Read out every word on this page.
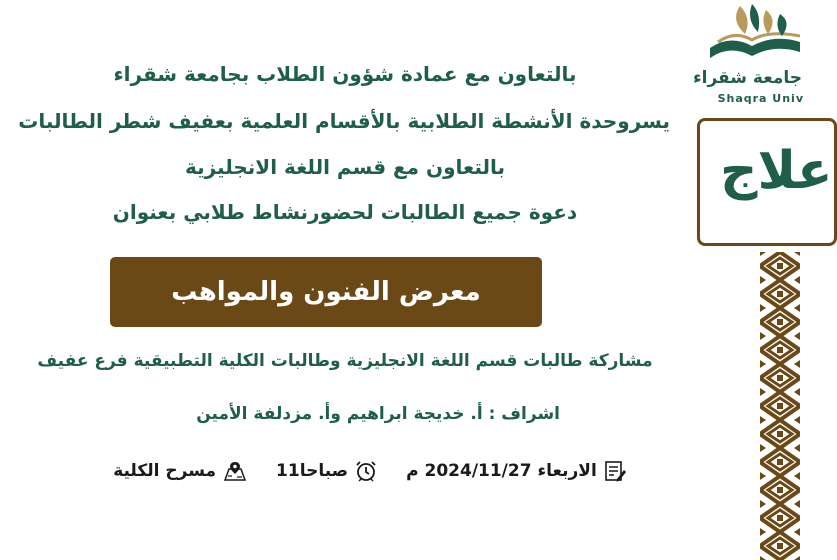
بالتعاون مع عمادة شؤون الطلاب بجامعة شقراء
يسروحدة الأنشطة الطلابية بالأقسام العلمية بعفيف شطر الطالبات
بالتعاون مع قسم اللغة الانجليزية
دعوة جميع الطالبات لحضورنشاط طلابي بعنوان
معرض الفنون والمواهب
مشاركة طالبات قسم اللغة الانجليزية وطالبات الكلية التطبيقية فرع عفيف
اشراف : أ. خديجة ابراهيم وأ. مزدلفة الأمين
مسرح الكلية	11صباحا	الاربعاء 2024/11/27 م
جامعة شقراء
Shaqra Univ
علاج
